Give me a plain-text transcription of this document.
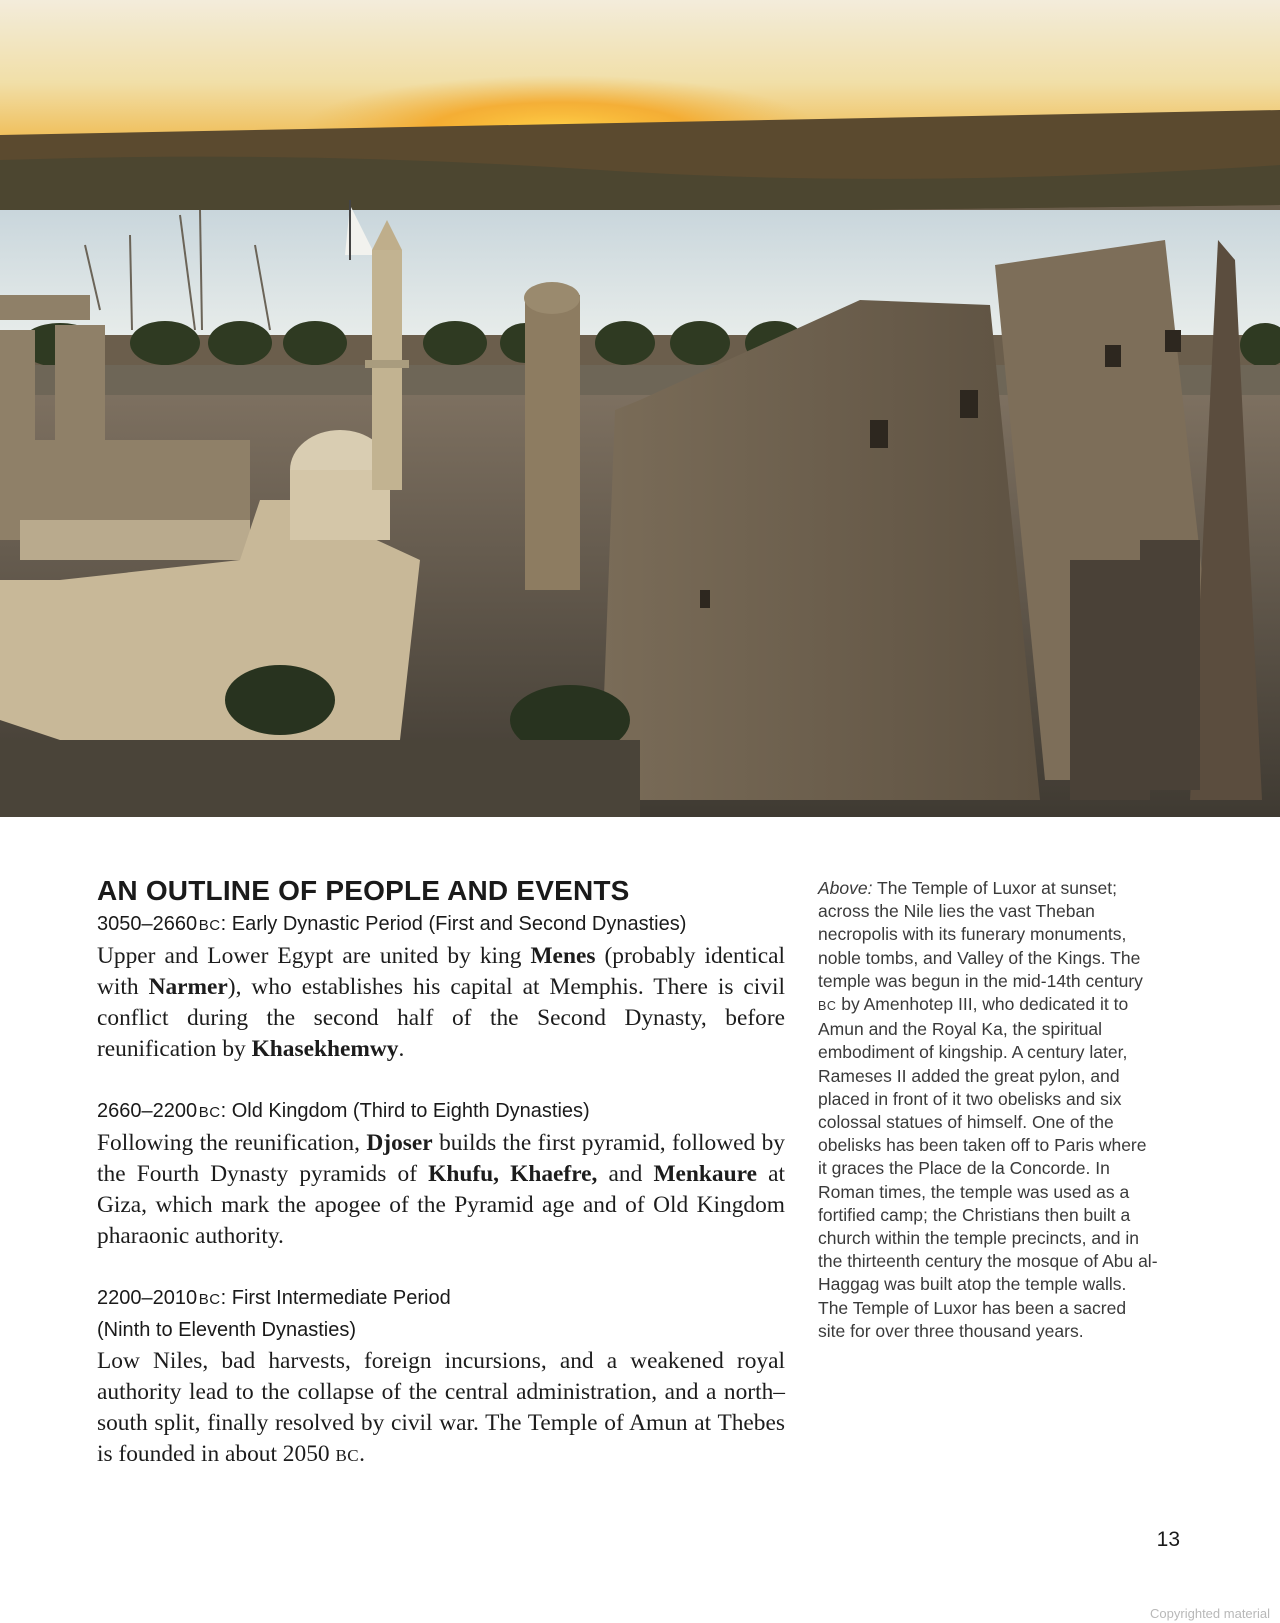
AN OUTLINE OF PEOPLE AND EVENTS
3050–2660  BC: Early Dynastic Period (First and Second Dynasties)

Upper and Lower Egypt are united by king Menes (probably identical with Narmer), who establishes his capital at Memphis. There is civil conflict during the second half of the Second Dynasty, before reunification by Khasekhemwy.

2660–2200  BC: Old Kingdom (Third to Eighth Dynasties)

Following the reunification, Djoser builds the first pyramid, followed by the Fourth Dynasty pyramids of Khufu, Khaefre, and Menkaure at Giza, which mark the apogee of the Pyramid age and of Old Kingdom pharaonic authority.

2200–2010  BC: First Intermediate Period
(Ninth to Eleventh Dynasties)

Low Niles, bad harvests, foreign incursions, and a weakened royal authority lead to the collapse of the central administration, and a north–south split, finally resolved by civil war. The Temple of Amun at Thebes is founded in about 2050 BC.

Above: The Temple of Luxor at sunset; across the Nile lies the vast Theban necropolis with its funerary monuments, noble tombs, and Valley of the Kings. The temple was begun in the mid-14th century BC by Amenhotep III, who dedicated it to Amun and the Royal Ka, the spiritual embodiment of kingship. A century later, Rameses II added the great pylon, and placed in front of it two obelisks and six colossal statues of himself. One of the obelisks has been taken off to Paris where it graces the Place de la Concorde. In Roman times, the temple was used as a fortified camp; the Christians then built a church within the temple precincts, and in the thirteenth century the mosque of Abu al-Haggag was built atop the temple walls. The Temple of Luxor has been a sacred site for over three thousand years.

13
Copyrighted material
